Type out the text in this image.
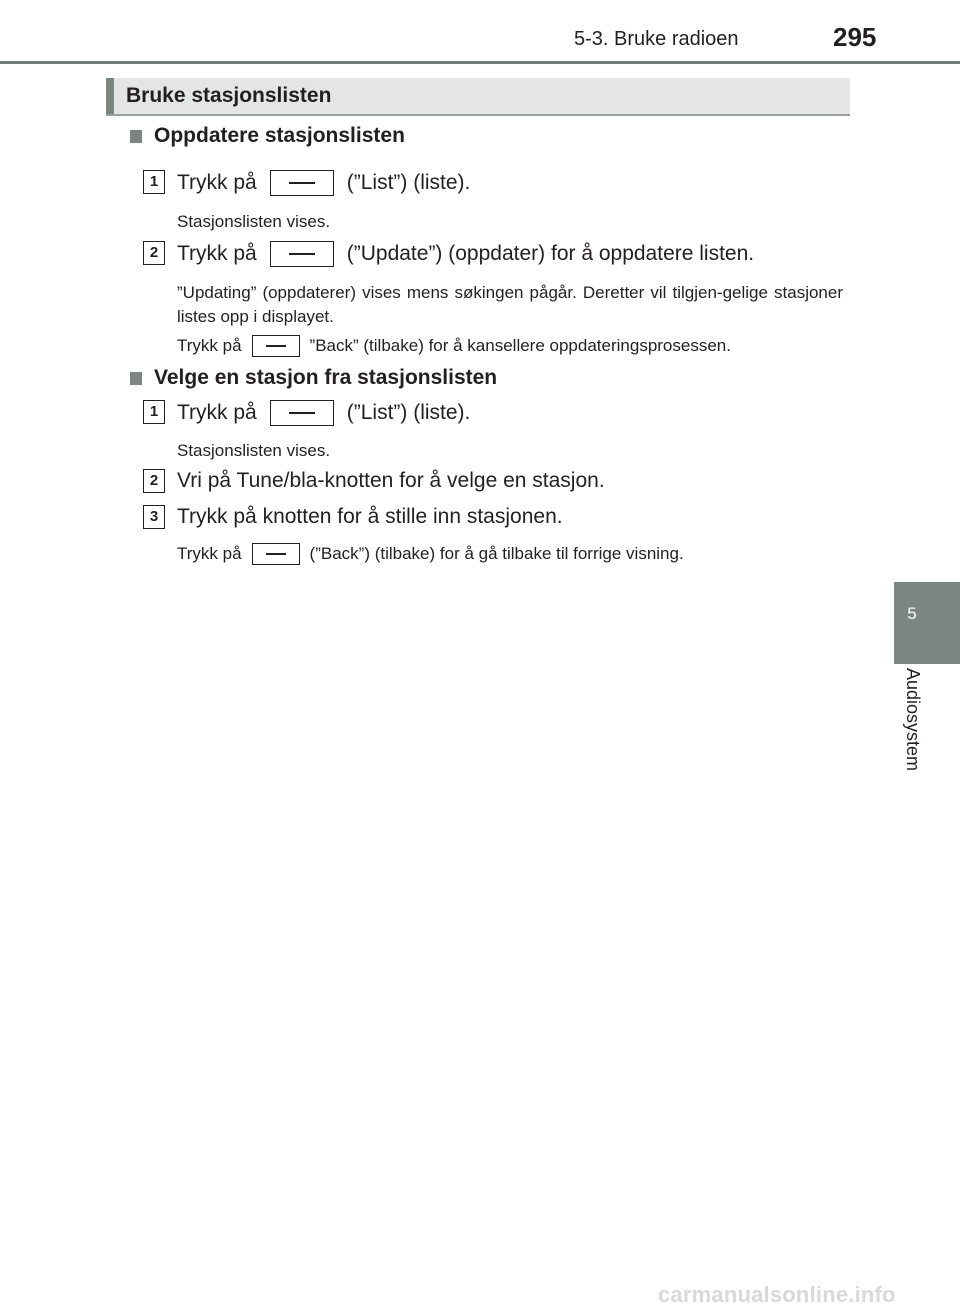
5-3. Bruke radioen	295
5
Audiosystem
Bruke stasjonslisten
Oppdatere stasjonslisten
1 Trykk på	(”List”) (liste).
Stasjonslisten vises.
2 Trykk på	(”Update”) (oppdater) for å oppdatere listen.
”Updating” (oppdaterer) vises mens søkingen pågår. Deretter vil tilgjen-gelige stasjoner listes opp i displayet.
Trykk på	”Back” (tilbake) for å kansellere oppdateringsprosessen.
Velge en stasjon fra stasjonslisten
1 Trykk på	(”List”) (liste).
Stasjonslisten vises.
2 Vri på Tune/bla-knotten for å velge en stasjon.
3 Trykk på knotten for å stille inn stasjonen.
Trykk på	(”Back”) (tilbake) for å gå tilbake til forrige visning.
carmanualsonline.info
